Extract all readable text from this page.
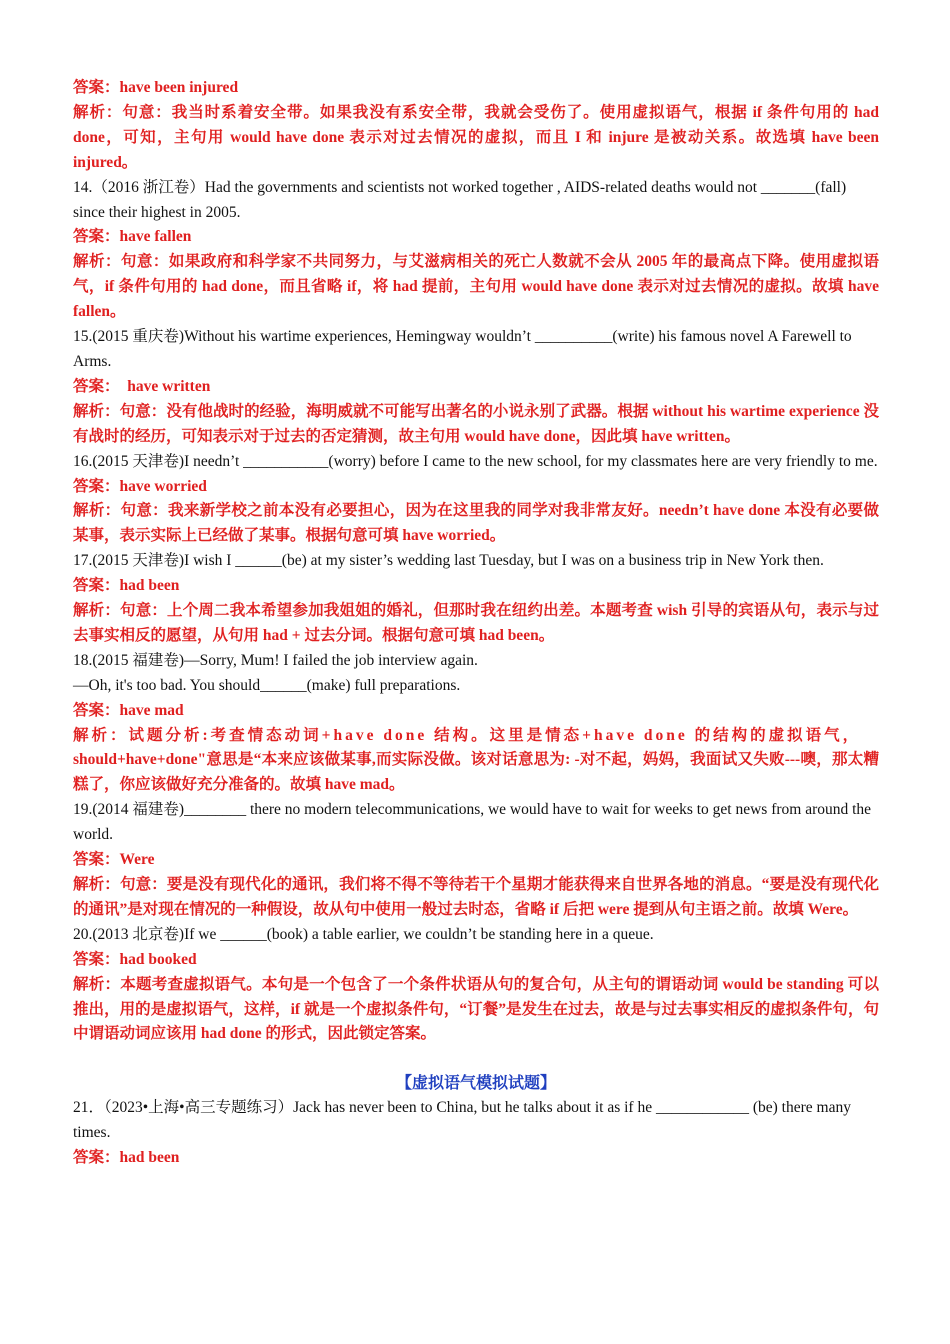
答案：have been injured

解析：句意：我当时系着安全带。如果我没有系安全带，我就会受伤了。使用虚拟语气，根据 if 条件句用的 had done，可知，主句用 would have done 表示对过去情况的虚拟，而且 I 和 injure 是被动关系。故选填 have been injured。

14.（2016 浙江卷）Had the governments and scientists not worked together , AIDS-related deaths would not _______(fall) since their highest in 2005.

答案：have fallen

解析：句意：如果政府和科学家不共同努力，与艾滋病相关的死亡人数就不会从 2005 年的最高点下降。使用虚拟语气，if 条件句用的 had done，而且省略 if，将 had 提前，主句用 would have done 表示对过去情况的虚拟。故填 have fallen。

15.(2015 重庆卷)Without his wartime experiences, Hemingway wouldn’t __________(write) his famous novel A Farewell to Arms.

答案：  have written

解析：句意：没有他战时的经验，海明威就不可能写出著名的小说永别了武器。根据 without his wartime experience 没有战时的经历，可知表示对于过去的否定猜测，故主句用 would have done，因此填 have written。

16.(2015 天津卷)I needn’t ___________(worry) before I came to the new school, for my classmates here are very friendly to me.

答案：have worried

解析：句意：我来新学校之前本没有必要担心，因为在这里我的同学对我非常友好。needn’t have done 本没有必要做某事，表示实际上已经做了某事。根据句意可填 have worried。

17.(2015 天津卷)I wish I ______(be) at my sister’s wedding last Tuesday, but I was on a business trip in New York then.

答案：had been

解析：句意：上个周二我本希望参加我姐姐的婚礼，但那时我在纽约出差。本题考查 wish 引导的宾语从句，表示与过去事实相反的愿望，从句用 had + 过去分词。根据句意可填 had been。

18.(2015 福建卷)—Sorry, Mum! I failed the job interview again.

—Oh, it's too bad. You should______(make) full preparations.

答案：have mad

解析：试题分析:考查情态动词+have done 结构。这里是情态+have done 的结构的虚拟语气，

should+have+done"意思是“本来应该做某事,而实际没做。该对话意思为: -对不起，妈妈，我面试又失败---噢，那太糟糕了，你应该做好充分准备的。故填 have mad。

19.(2014 福建卷)________ there no modern telecommunications, we would have to wait for weeks to get news from around the world.

答案：Were

解析：句意：要是没有现代化的通讯，我们将不得不等待若干个星期才能获得来自世界各地的消息。“要是没有现代化的通讯”是对现在情况的一种假设，故从句中使用一般过去时态，省略 if 后把 were 提到从句主语之前。故填 Were。

20.(2013 北京卷)If we ______(book) a table earlier, we couldn’t be standing here in a queue.

答案：had booked

解析：本题考查虚拟语气。本句是一个包含了一个条件状语从句的复合句，从主句的谓语动词 would be standing 可以推出，用的是虚拟语气，这样，if 就是一个虚拟条件句，“订餐”是发生在过去，故是与过去事实相反的虚拟条件句，句中谓语动词应该用 had done 的形式，因此锁定答案。

【虚拟语气模拟试题】

21．（2023•上海•高三专题练习）Jack has never been to China, but he talks about it as if he ____________ (be) there many times.

答案：had been
